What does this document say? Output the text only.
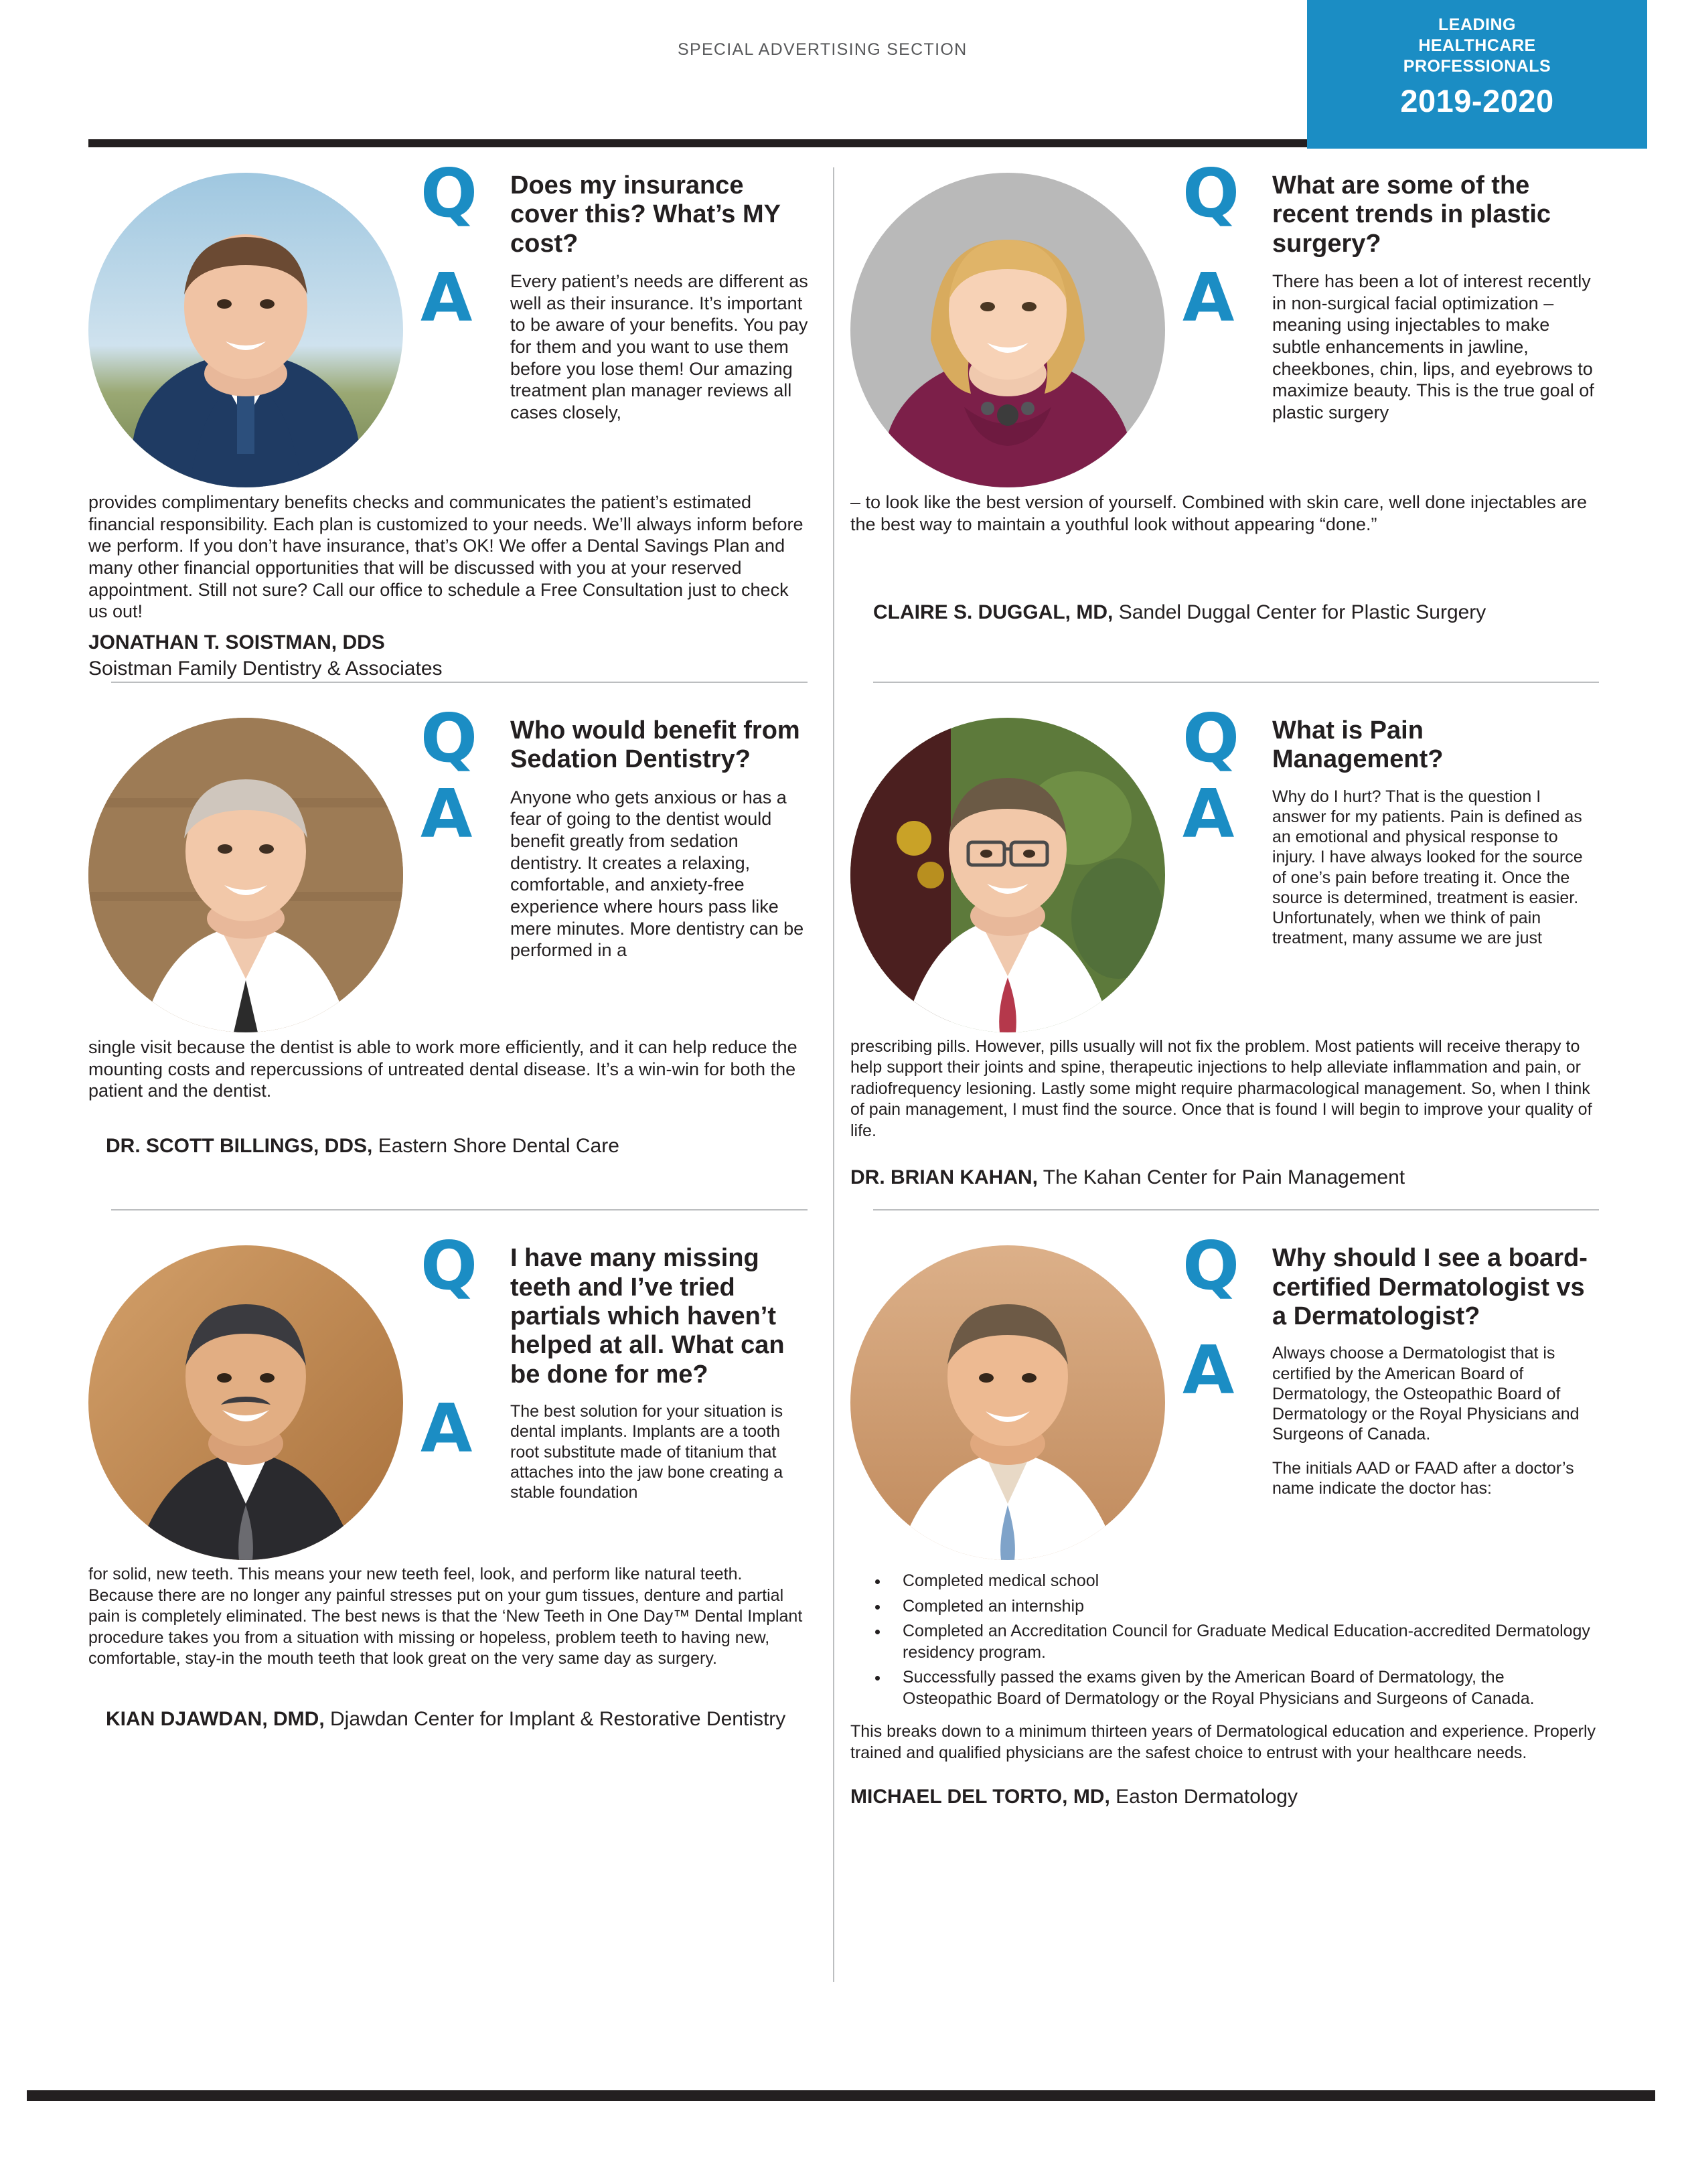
SPECIAL ADVERTISING SECTION
LEADING
HEALTHCARE
PROFESSIONALS
2019-2020
Q	Does my insurance cover this? What’s MY cost?
A	Every patient’s needs are different as well as their insurance. It’s important to be aware of your benefits. You pay for them and you want to use them before you lose them! Our amazing treatment plan manager reviews all cases closely,
provides complimentary benefits checks and communicates the patient’s estimated financial responsibility. Each plan is customized to your needs. We’ll always inform before we perform. If you don’t have insurance, that’s OK! We offer a Dental Savings Plan and many other financial opportunities that will be discussed with you at your reserved appointment. Still not sure? Call our office to schedule a Free Consultation just to check us out!
JONATHAN T. SOISTMAN, DDS
Soistman Family Dentistry & Associates
Q	What are some of the recent trends in plastic surgery?
A	There has been a lot of interest recently in non-surgical facial optimization – meaning using injectables to make subtle enhancements in jawline, cheekbones, chin, lips, and eyebrows to maximize beauty. This is the true goal of plastic surgery
– to look like the best version of yourself. Combined with skin care, well done injectables are the best way to maintain a youthful look without appearing “done.”
CLAIRE S. DUGGAL, MD, Sandel Duggal Center for Plastic Surgery
Q	Who would benefit from Sedation Dentistry?
A	Anyone who gets anxious or has a fear of going to the dentist would benefit greatly from sedation dentistry. It creates a relaxing, comfortable, and anxiety-free experience where hours pass like mere minutes. More dentistry can be performed in a
single visit because the dentist is able to work more efficiently, and it can help reduce the mounting costs and repercussions of untreated dental disease. It’s a win-win for both the patient and the dentist.
DR. SCOTT BILLINGS, DDS, Eastern Shore Dental Care
Q	What is Pain Management?
A	Why do I hurt? That is the question I answer for my patients. Pain is defined as an emotional and physical response to injury. I have always looked for the source of one’s pain before treating it. Once the source is determined, treatment is easier. Unfortunately, when we think of pain treatment, many assume we are just
prescribing pills. However, pills usually will not fix the problem. Most patients will receive therapy to help support their joints and spine, therapeutic injections to help alleviate inflammation and pain, or radiofrequency lesioning. Lastly some might require pharmacological management. So, when I think of pain management, I must find the source. Once that is found I will begin to improve your quality of life.
DR. BRIAN KAHAN, The Kahan Center for Pain Management
Q	I have many missing teeth and I’ve tried partials which haven’t helped at all. What can be done for me?
A	The best solution for your situation is dental implants. Implants are a tooth root substitute made of titanium that attaches into the jaw bone creating a stable foundation
for solid, new teeth. This means your new teeth feel, look, and perform like natural teeth. Because there are no longer any painful stresses put on your gum tissues, denture and partial pain is completely eliminated. The best news is that the ‘New Teeth in One Day™ Dental Implant procedure takes you from a situation with missing or hopeless, problem teeth to having new, comfortable, stay-in the mouth teeth that look great on the very same day as surgery.
KIAN DJAWDAN, DMD, Djawdan Center for Implant & Restorative Dentistry
Q	Why should I see a board-certified Dermatologist vs a Dermatologist?
A	Always choose a Dermatologist that is certified by the American Board of Dermatology, the Osteopathic Board of Dermatology or the Royal Physicians and Surgeons of Canada.
The initials AAD or FAAD after a doctor’s name indicate the doctor has:
• Completed medical school
• Completed an internship
• Completed an Accreditation Council for Graduate Medical Education-accredited Dermatology residency program.
• Successfully passed the exams given by the American Board of Dermatology, the Osteopathic Board of Dermatology or the Royal Physicians and Surgeons of Canada.
This breaks down to a minimum thirteen years of Dermatological education and experience. Properly trained and qualified physicians are the safest choice to entrust with your healthcare needs.
MICHAEL DEL TORTO, MD, Easton Dermatology
